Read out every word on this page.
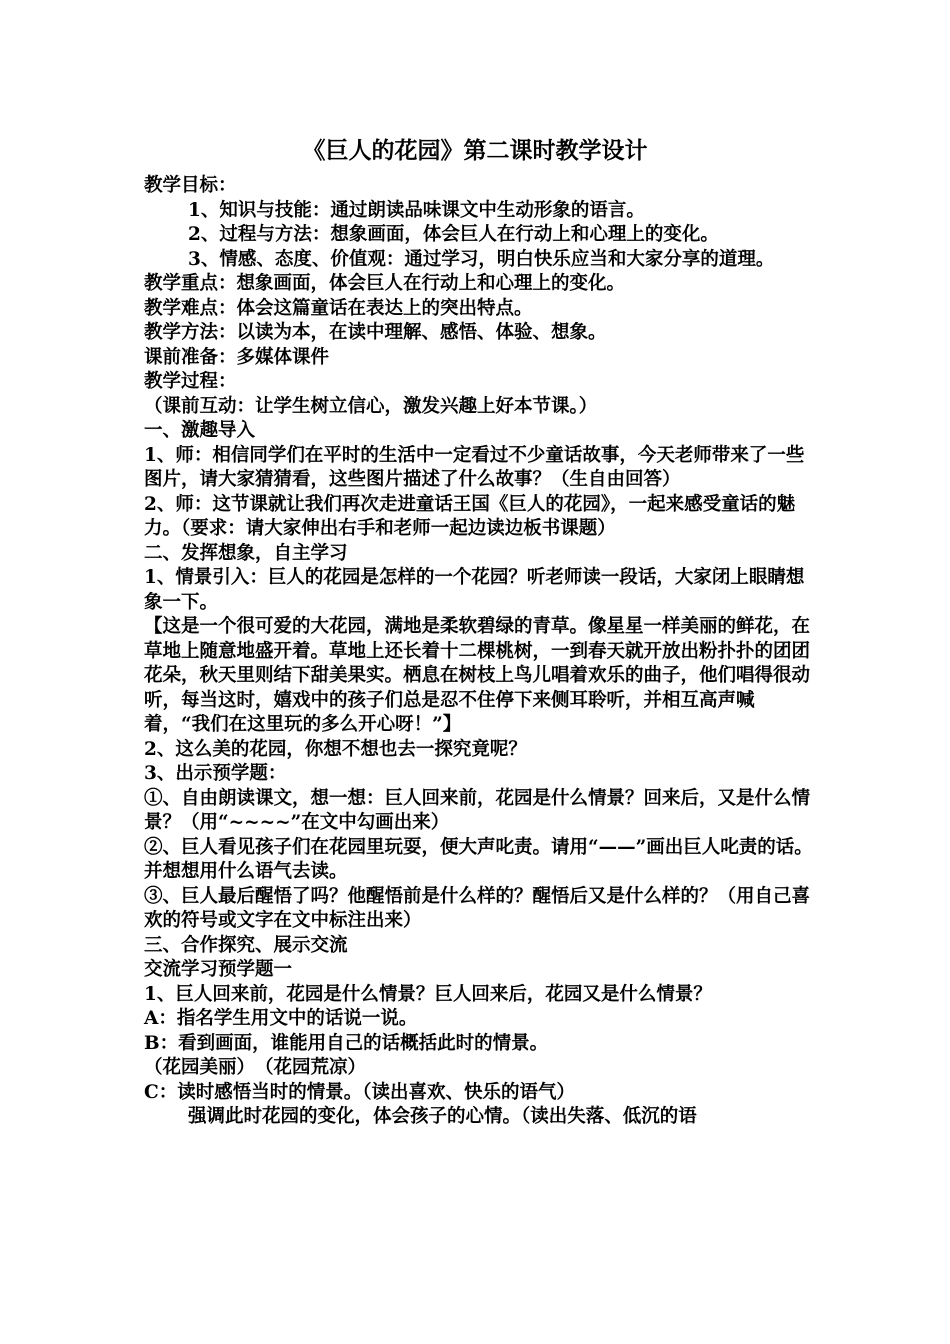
《巨人的花园》第二课时教学设计

教学目标：

1、知识与技能：通过朗读品味课文中生动形象的语言。

2、过程与方法：想象画面，体会巨人在行动上和心理上的变化。

3、情感、态度、价值观：通过学习，明白快乐应当和大家分享的道理。

教学重点：想象画面，体会巨人在行动上和心理上的变化。

教学难点：体会这篇童话在表达上的突出特点。

教学方法：以读为本，在读中理解、感悟、体验、想象。

课前准备：多媒体课件

教学过程：

（课前互动：让学生树立信心，激发兴趣上好本节课。）

一、激趣导入

1、师：相信同学们在平时的生活中一定看过不少童话故事，今天老师带来了一些图片，请大家猜猜看，这些图片描述了什么故事？（生自由回答）

2、师：这节课就让我们再次走进童话王国《巨人的花园》，一起来感受童话的魅力。（要求：请大家伸出右手和老师一起边读边板书课题）

二、发挥想象，自主学习

1、情景引入：巨人的花园是怎样的一个花园？听老师读一段话，大家闭上眼睛想象一下。

【这是一个很可爱的大花园，满地是柔软碧绿的青草。像星星一样美丽的鲜花，在草地上随意地盛开着。草地上还长着十二棵桃树，一到春天就开放出粉扑扑的团团花朵，秋天里则结下甜美果实。栖息在树枝上鸟儿唱着欢乐的曲子，他们唱得很动听，每当这时，嬉戏中的孩子们总是忍不住停下来侧耳聆听，并相互高声喊着，“我们在这里玩的多么开心呀！”】

2、这么美的花园，你想不想也去一探究竟呢？

3、出示预学题：

①、自由朗读课文，想一想：巨人回来前，花园是什么情景？回来后，又是什么情景？（用“~~~~”在文中勾画出来）

②、巨人看见孩子们在花园里玩耍，便大声叱责。请用“——”画出巨人叱责的话。并想想用什么语气去读。

③、巨人最后醒悟了吗？他醒悟前是什么样的？醒悟后又是什么样的？（用自己喜欢的符号或文字在文中标注出来）

三、合作探究、展示交流

交流学习预学题一

1、巨人回来前，花园是什么情景？巨人回来后，花园又是什么情景？

A：指名学生用文中的话说一说。

B：看到画面，谁能用自己的话概括此时的情景。

（花园美丽）　（花园荒凉）

C：读时感悟当时的情景。（读出喜欢、快乐的语气）

强调此时花园的变化，体会孩子的心情。（读出失落、低沉的语
